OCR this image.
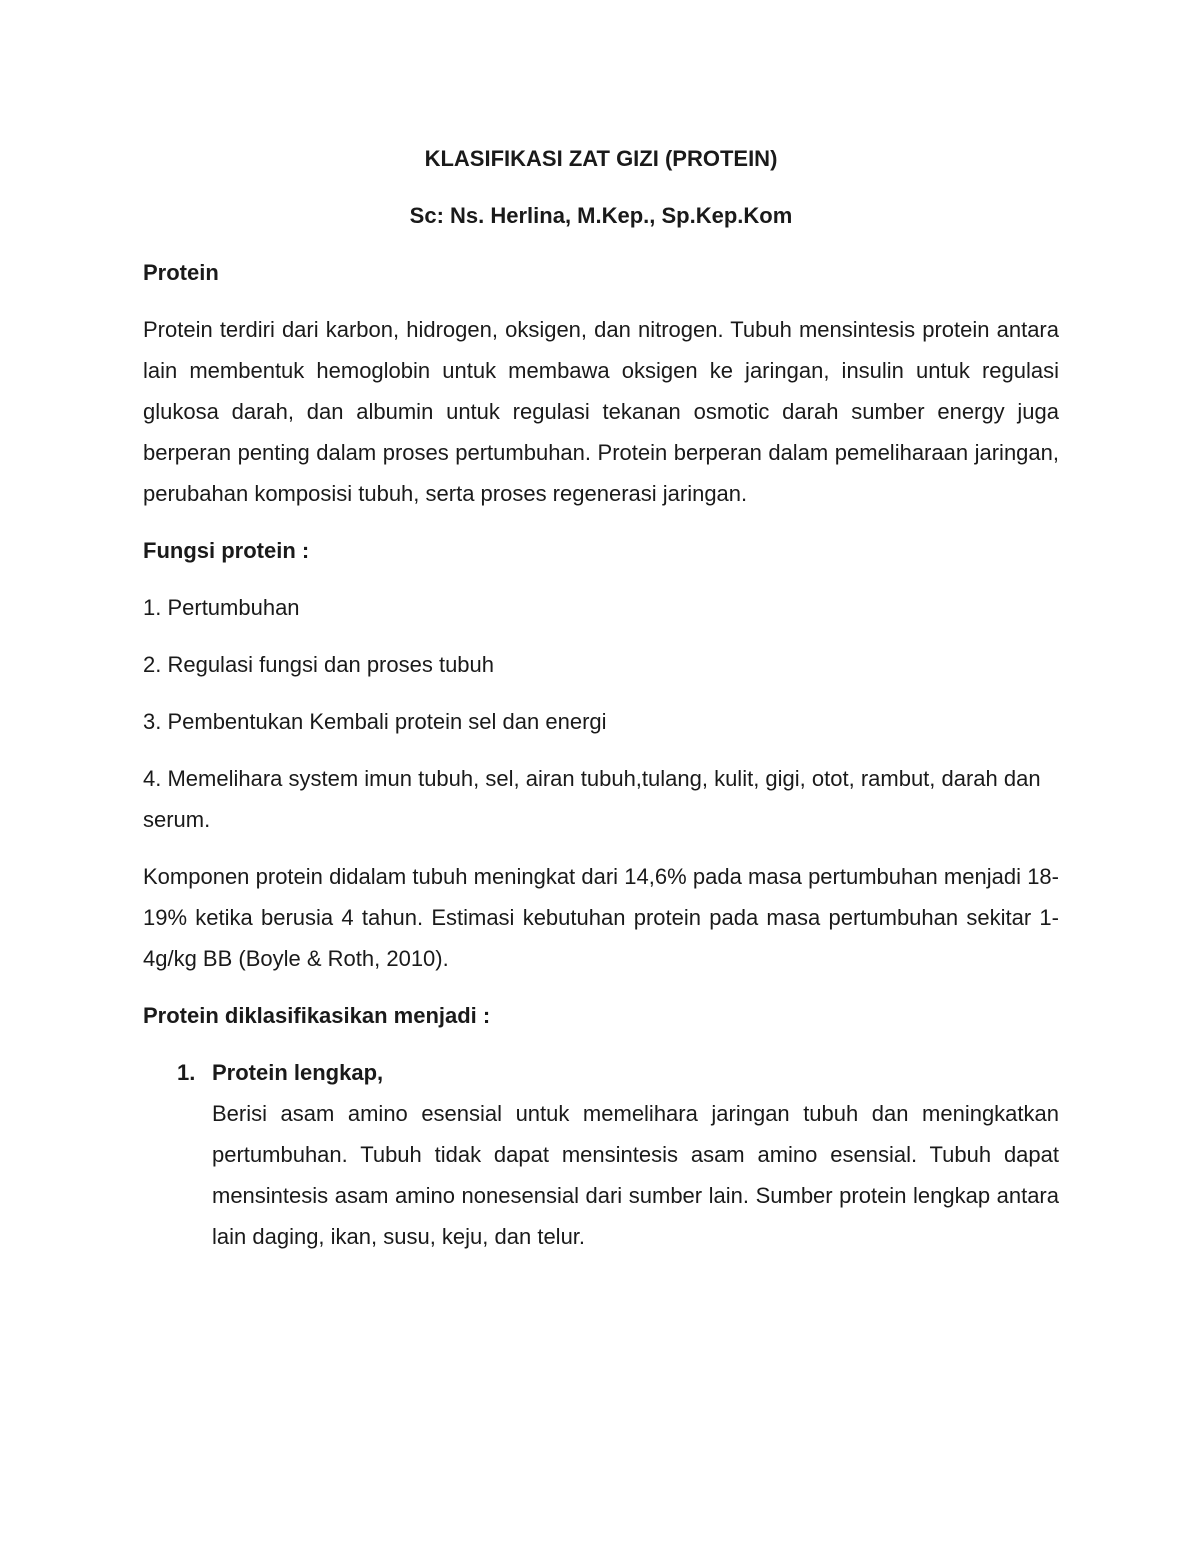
KLASIFIKASI ZAT GIZI (PROTEIN)
Sc: Ns. Herlina, M.Kep., Sp.Kep.Kom
Protein
Protein terdiri dari karbon, hidrogen, oksigen, dan nitrogen. Tubuh mensintesis protein antara lain membentuk hemoglobin untuk membawa oksigen ke jaringan, insulin untuk regulasi glukosa darah, dan albumin untuk regulasi tekanan osmotic darah sumber energy juga berperan penting dalam proses pertumbuhan. Protein berperan dalam pemeliharaan jaringan, perubahan komposisi tubuh, serta proses regenerasi jaringan.
Fungsi protein :
1. Pertumbuhan
2. Regulasi fungsi dan proses tubuh
3. Pembentukan Kembali protein sel dan energi
4. Memelihara system imun tubuh, sel, airan tubuh,tulang, kulit, gigi, otot, rambut, darah dan serum.
Komponen protein didalam tubuh meningkat dari 14,6% pada masa pertumbuhan menjadi 18-19% ketika berusia 4 tahun. Estimasi kebutuhan protein pada masa pertumbuhan sekitar 1-4g/kg BB (Boyle & Roth, 2010).
Protein diklasifikasikan menjadi :
1. Protein lengkap,
Berisi asam amino esensial untuk memelihara jaringan tubuh dan meningkatkan pertumbuhan. Tubuh tidak dapat mensintesis asam amino esensial. Tubuh dapat mensintesis asam amino nonesensial dari sumber lain. Sumber protein lengkap antara lain daging, ikan, susu, keju, dan telur.
